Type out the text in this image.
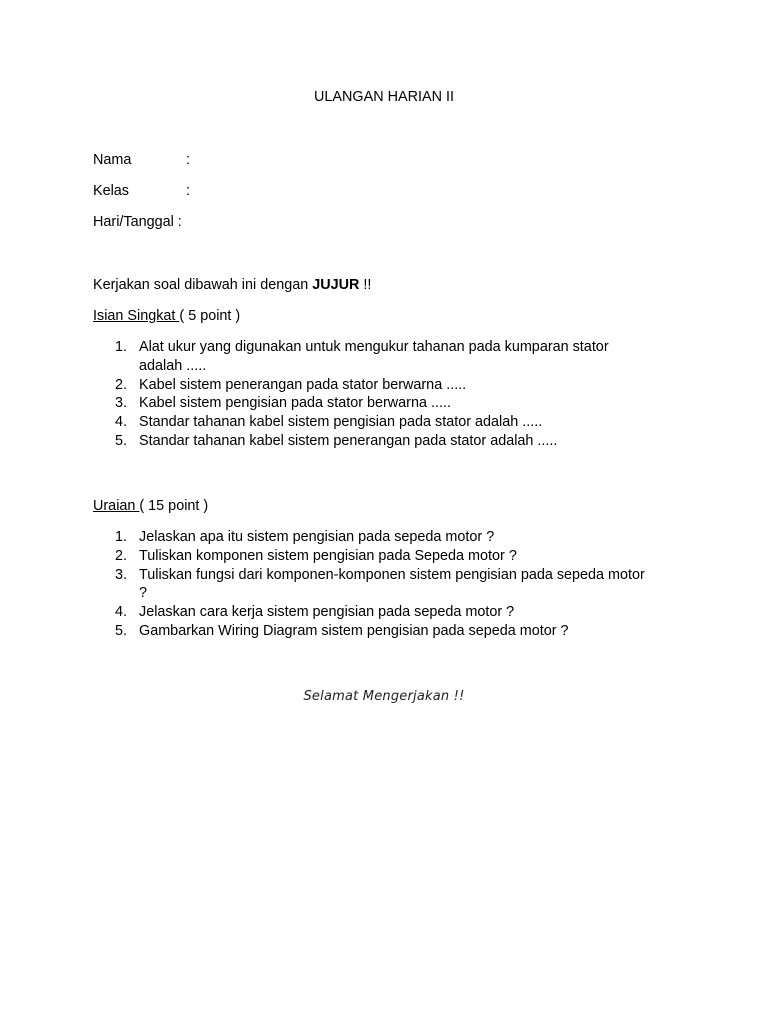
ULANGAN HARIAN II
Nama	:
Kelas	:
Hari/Tanggal :
Kerjakan soal dibawah ini dengan JUJUR !!
Isian Singkat ( 5 point )
1. Alat ukur yang digunakan untuk mengukur tahanan pada kumparan stator adalah .....
2. Kabel sistem penerangan pada stator berwarna .....
3. Kabel sistem pengisian pada stator berwarna .....
4. Standar tahanan kabel sistem pengisian pada stator adalah .....
5. Standar tahanan kabel sistem penerangan pada stator adalah .....
Uraian ( 15 point )
1. Jelaskan apa itu sistem pengisian pada sepeda motor ?
2. Tuliskan komponen sistem pengisian pada Sepeda motor ?
3. Tuliskan fungsi dari komponen-komponen sistem pengisian pada sepeda motor ?
4. Jelaskan cara kerja sistem pengisian pada sepeda motor ?
5. Gambarkan Wiring Diagram sistem pengisian pada sepeda motor ?
Selamat Mengerjakan !!
